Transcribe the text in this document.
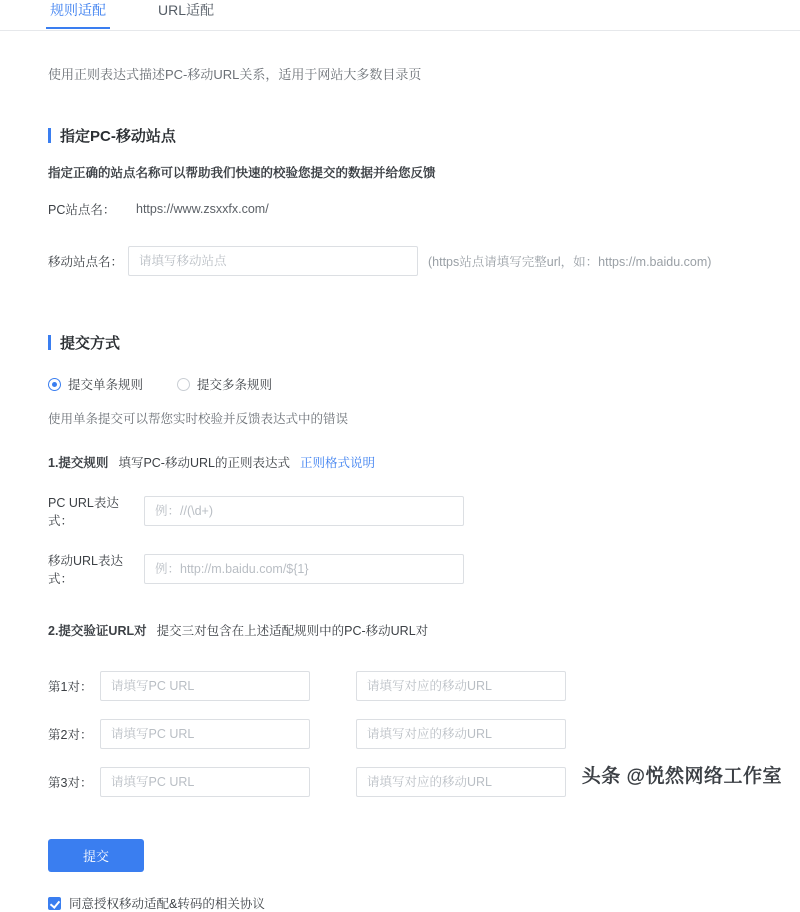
规则适配	URL适配
使用正则表达式描述PC-移动URL关系，适用于网站大多数目录页
指定PC-移动站点
指定正确的站点名称可以帮助我们快速的校验您提交的数据并给您反馈
PC站点名：	https://www.zsxxfx.com/
移动站点名：
请填写移动站点	(https站点请填写完整url，如：https://m.baidu.com)
提交方式
提交单条规则	提交多条规则
使用单条提交可以帮您实时校验并反馈表达式中的错误
1.提交规则 填写PC-移动URL的正则表达式 正则格式说明
PC URL表达式：
例：//(\d+)
移动URL表达式：
例：http://m.baidu.com/${1}
2.提交验证URL对 提交三对包含在上述适配规则中的PC-移动URL对
第1对：
请填写PC URL
请填写对应的移动URL
第2对：
请填写PC URL
请填写对应的移动URL
第3对：
请填写PC URL
请填写对应的移动URL
提交
同意授权移动适配&转码的相关协议
头条 @悦然网络工作室
